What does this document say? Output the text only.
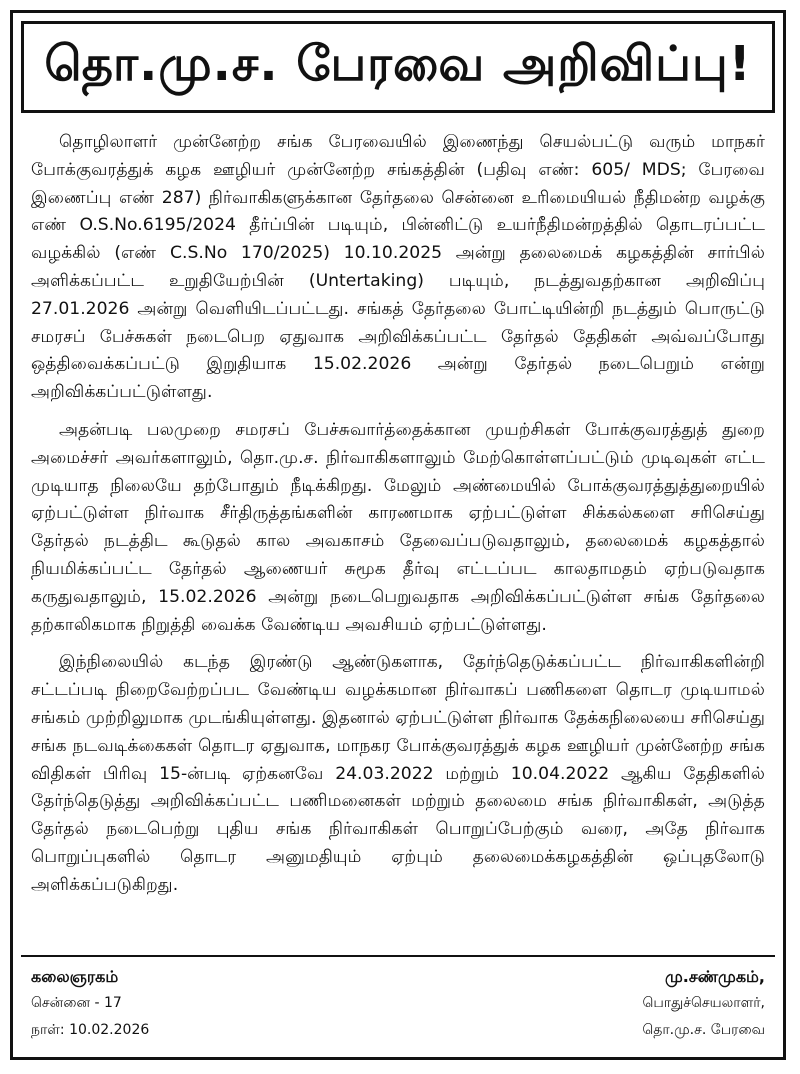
தொ.மு.ச. பேரவை அறிவிப்பு!

தொழிலாளர் முன்னேற்ற சங்க பேரவையில் இணைந்து செயல்பட்டு வரும் மாநகர் போக்குவரத்துக் கழக ஊழியர் முன்னேற்ற சங்கத்தின் (பதிவு எண்: 605/ MDS; பேரவை இணைப்பு எண் 287) நிர்வாகிகளுக்கான தேர்தலை சென்னை உரிமையியல் நீதிமன்ற வழக்கு எண் O.S.No.6195/2024 தீர்ப்பின் படியும், பின்னிட்டு உயர்நீதிமன்றத்தில் தொடரப்பட்ட வழக்கில் (எண் C.S.No 170/2025) 10.10.2025 அன்று தலைமைக் கழகத்தின் சார்பில் அளிக்கப்பட்ட உறுதியேற்பின் (Untertaking) படியும், நடத்துவதற்கான அறிவிப்பு 27.01.2026 அன்று வெளியிடப்பட்டது. சங்கத் தேர்தலை போட்டியின்றி நடத்தும் பொருட்டு சமரசப் பேச்சுகள் நடைபெற ஏதுவாக அறிவிக்கப்பட்ட தேர்தல் தேதிகள் அவ்வப்போது ஒத்திவைக்கப்பட்டு இறுதியாக 15.02.2026 அன்று தேர்தல் நடைபெறும் என்று அறிவிக்கப்பட்டுள்ளது.

அதன்படி பலமுறை சமரசப் பேச்சுவார்த்தைக்கான முயற்சிகள் போக்குவரத்துத் துறை அமைச்சர் அவர்களாலும், தொ.மு.ச. நிர்வாகிகளாலும் மேற்கொள்ளப்பட்டும் முடிவுகள் எட்ட முடியாத நிலையே தற்போதும் நீடிக்கிறது. மேலும் அண்மையில் போக்குவரத்துத்துறையில் ஏற்பட்டுள்ள நிர்வாக சீர்திருத்தங்களின் காரணமாக ஏற்பட்டுள்ள சிக்கல்களை சரிசெய்து தேர்தல் நடத்திட கூடுதல் கால அவகாசம் தேவைப்படுவதாலும், தலைமைக் கழகத்தால் நியமிக்கப்பட்ட தேர்தல் ஆணையர் சுமூக தீர்வு எட்டப்பட காலதாமதம் ஏற்படுவதாக கருதுவதாலும், 15.02.2026 அன்று நடைபெறுவதாக அறிவிக்கப்பட்டுள்ள சங்க தேர்தலை தற்காலிகமாக நிறுத்தி வைக்க வேண்டிய அவசியம் ஏற்பட்டுள்ளது.

இந்நிலையில் கடந்த இரண்டு ஆண்டுகளாக, தேர்ந்தெடுக்கப்பட்ட நிர்வாகிகளின்றி சட்டப்படி நிறைவேற்றப்பட வேண்டிய வழக்கமான நிர்வாகப் பணிகளை தொடர முடியாமல் சங்கம் முற்றிலுமாக முடங்கியுள்ளது. இதனால் ஏற்பட்டுள்ள நிர்வாக தேக்கநிலையை சரிசெய்து சங்க நடவடிக்கைகள் தொடர ஏதுவாக, மாநகர போக்குவரத்துக் கழக ஊழியர் முன்னேற்ற சங்க விதிகள் பிரிவு 15-ன்படி ஏற்கனவே 24.03.2022 மற்றும் 10.04.2022 ஆகிய தேதிகளில் தேர்ந்தெடுத்து அறிவிக்கப்பட்ட பணிமனைகள் மற்றும் தலைமை சங்க நிர்வாகிகள், அடுத்த தேர்தல் நடைபெற்று புதிய சங்க நிர்வாகிகள் பொறுப்பேற்கும் வரை, அதே நிர்வாக பொறுப்புகளில் தொடர அனுமதியும் ஏற்பும் தலைமைக்கழகத்தின் ஒப்புதலோடு அளிக்கப்படுகிறது.

கலைஞரகம்
சென்னை - 17
நாள்: 10.02.2026
மு.சண்முகம்,
பொதுச்செயலாளர்,
தொ.மு.ச. பேரவை
